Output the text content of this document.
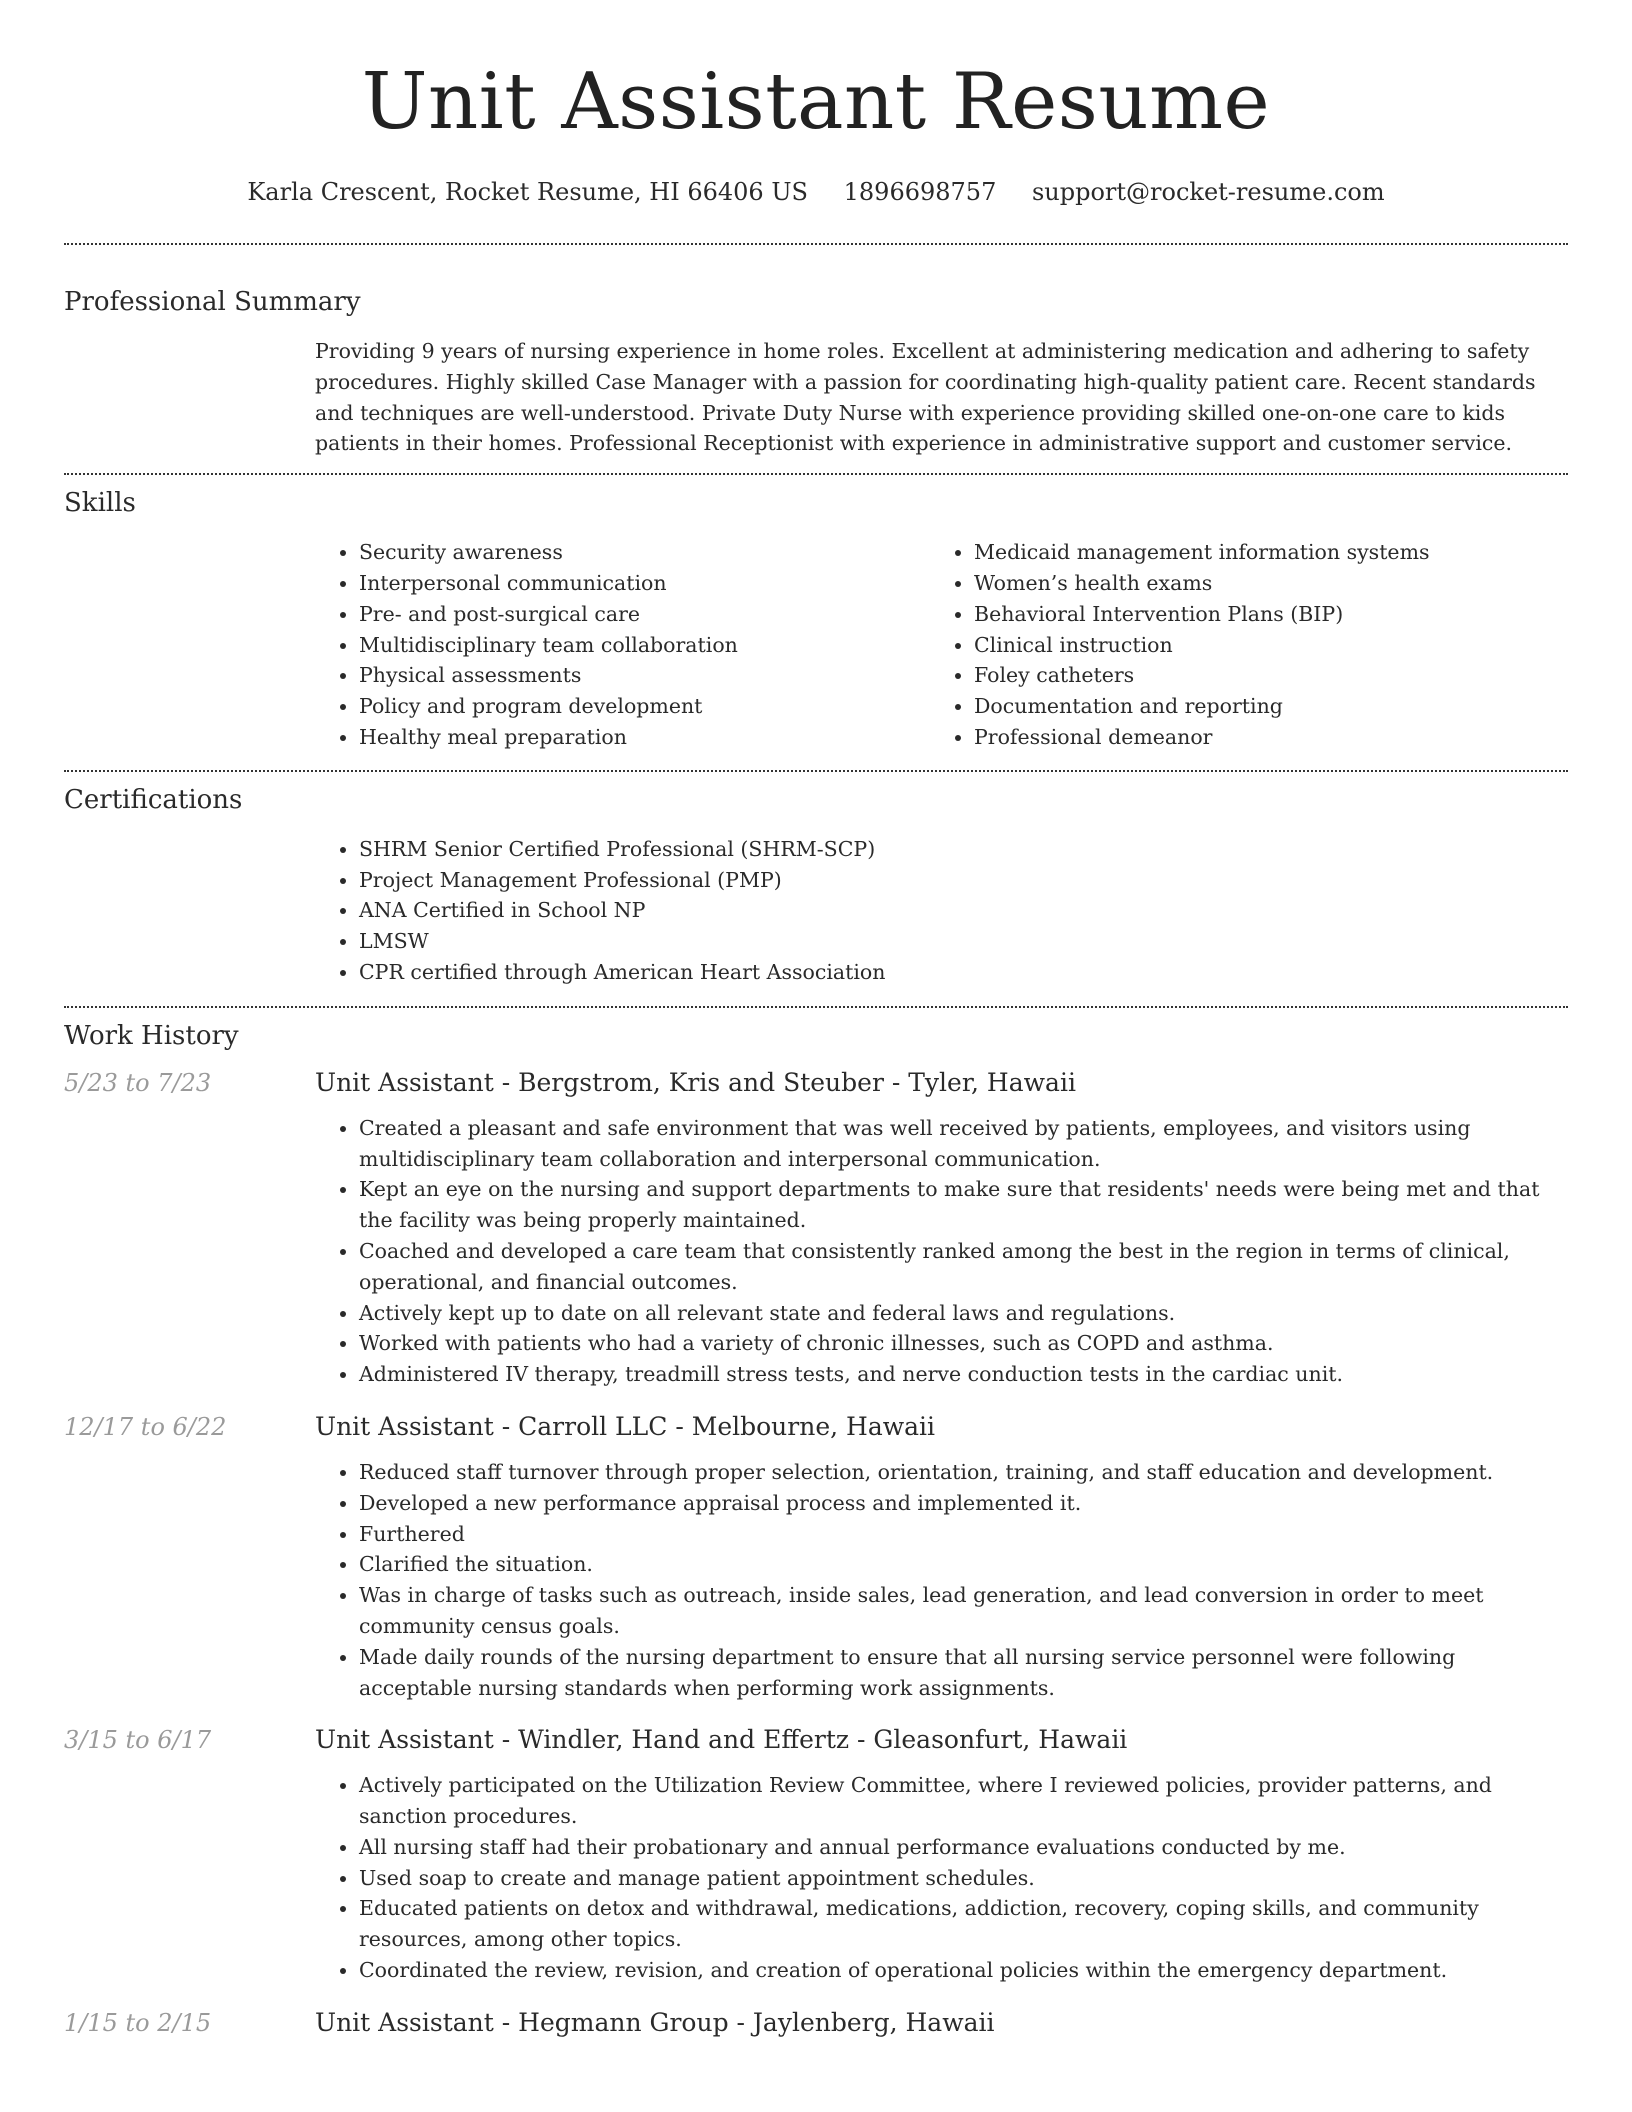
Unit Assistant Resume
Karla Crescent, Rocket Resume, HI 66406 US 1896698757 support@rocket-resume.com
Professional Summary

Providing 9 years of nursing experience in home roles. Excellent at administering medication and adhering to safety procedures. Highly skilled Case Manager with a passion for coordinating high-quality patient care. Recent standards and techniques are well-understood. Private Duty Nurse with experience providing skilled one-on-one care to kids patients in their homes. Professional Receptionist with experience in administrative support and customer service.

Skills
• Security awareness
• Interpersonal communication
• Pre- and post-surgical care
• Multidisciplinary team collaboration
• Physical assessments
• Policy and program development
• Healthy meal preparation
• Medicaid management information systems
• Women’s health exams
• Behavioral Intervention Plans (BIP)
• Clinical instruction
• Foley catheters
• Documentation and reporting
• Professional demeanor
Certifications
• SHRM Senior Certified Professional (SHRM-SCP)
• Project Management Professional (PMP)
• ANA Certified in School NP
• LMSW
• CPR certified through American Heart Association
Work History
5/23 to 7/23	Unit Assistant - Bergstrom, Kris and Steuber - Tyler, Hawaii
• Created a pleasant and safe environment that was well received by patients, employees, and visitors using multidisciplinary team collaboration and interpersonal communication.
• Kept an eye on the nursing and support departments to make sure that residents' needs were being met and that the facility was being properly maintained.
• Coached and developed a care team that consistently ranked among the best in the region in terms of clinical, operational, and financial outcomes.
• Actively kept up to date on all relevant state and federal laws and regulations.
• Worked with patients who had a variety of chronic illnesses, such as COPD and asthma.
• Administered IV therapy, treadmill stress tests, and nerve conduction tests in the cardiac unit.
12/17 to 6/22	Unit Assistant - Carroll LLC - Melbourne, Hawaii
• Reduced staff turnover through proper selection, orientation, training, and staff education and development.
• Developed a new performance appraisal process and implemented it.
• Furthered
• Clarified the situation.
• Was in charge of tasks such as outreach, inside sales, lead generation, and lead conversion in order to meet community census goals.
• Made daily rounds of the nursing department to ensure that all nursing service personnel were following acceptable nursing standards when performing work assignments.
3/15 to 6/17	Unit Assistant - Windler, Hand and Effertz - Gleasonfurt, Hawaii
• Actively participated on the Utilization Review Committee, where I reviewed policies, provider patterns, and sanction procedures.
• All nursing staff had their probationary and annual performance evaluations conducted by me.
• Used soap to create and manage patient appointment schedules.
• Educated patients on detox and withdrawal, medications, addiction, recovery, coping skills, and community resources, among other topics.
• Coordinated the review, revision, and creation of operational policies within the emergency department.
1/15 to 2/15	Unit Assistant - Hegmann Group - Jaylenberg, Hawaii
